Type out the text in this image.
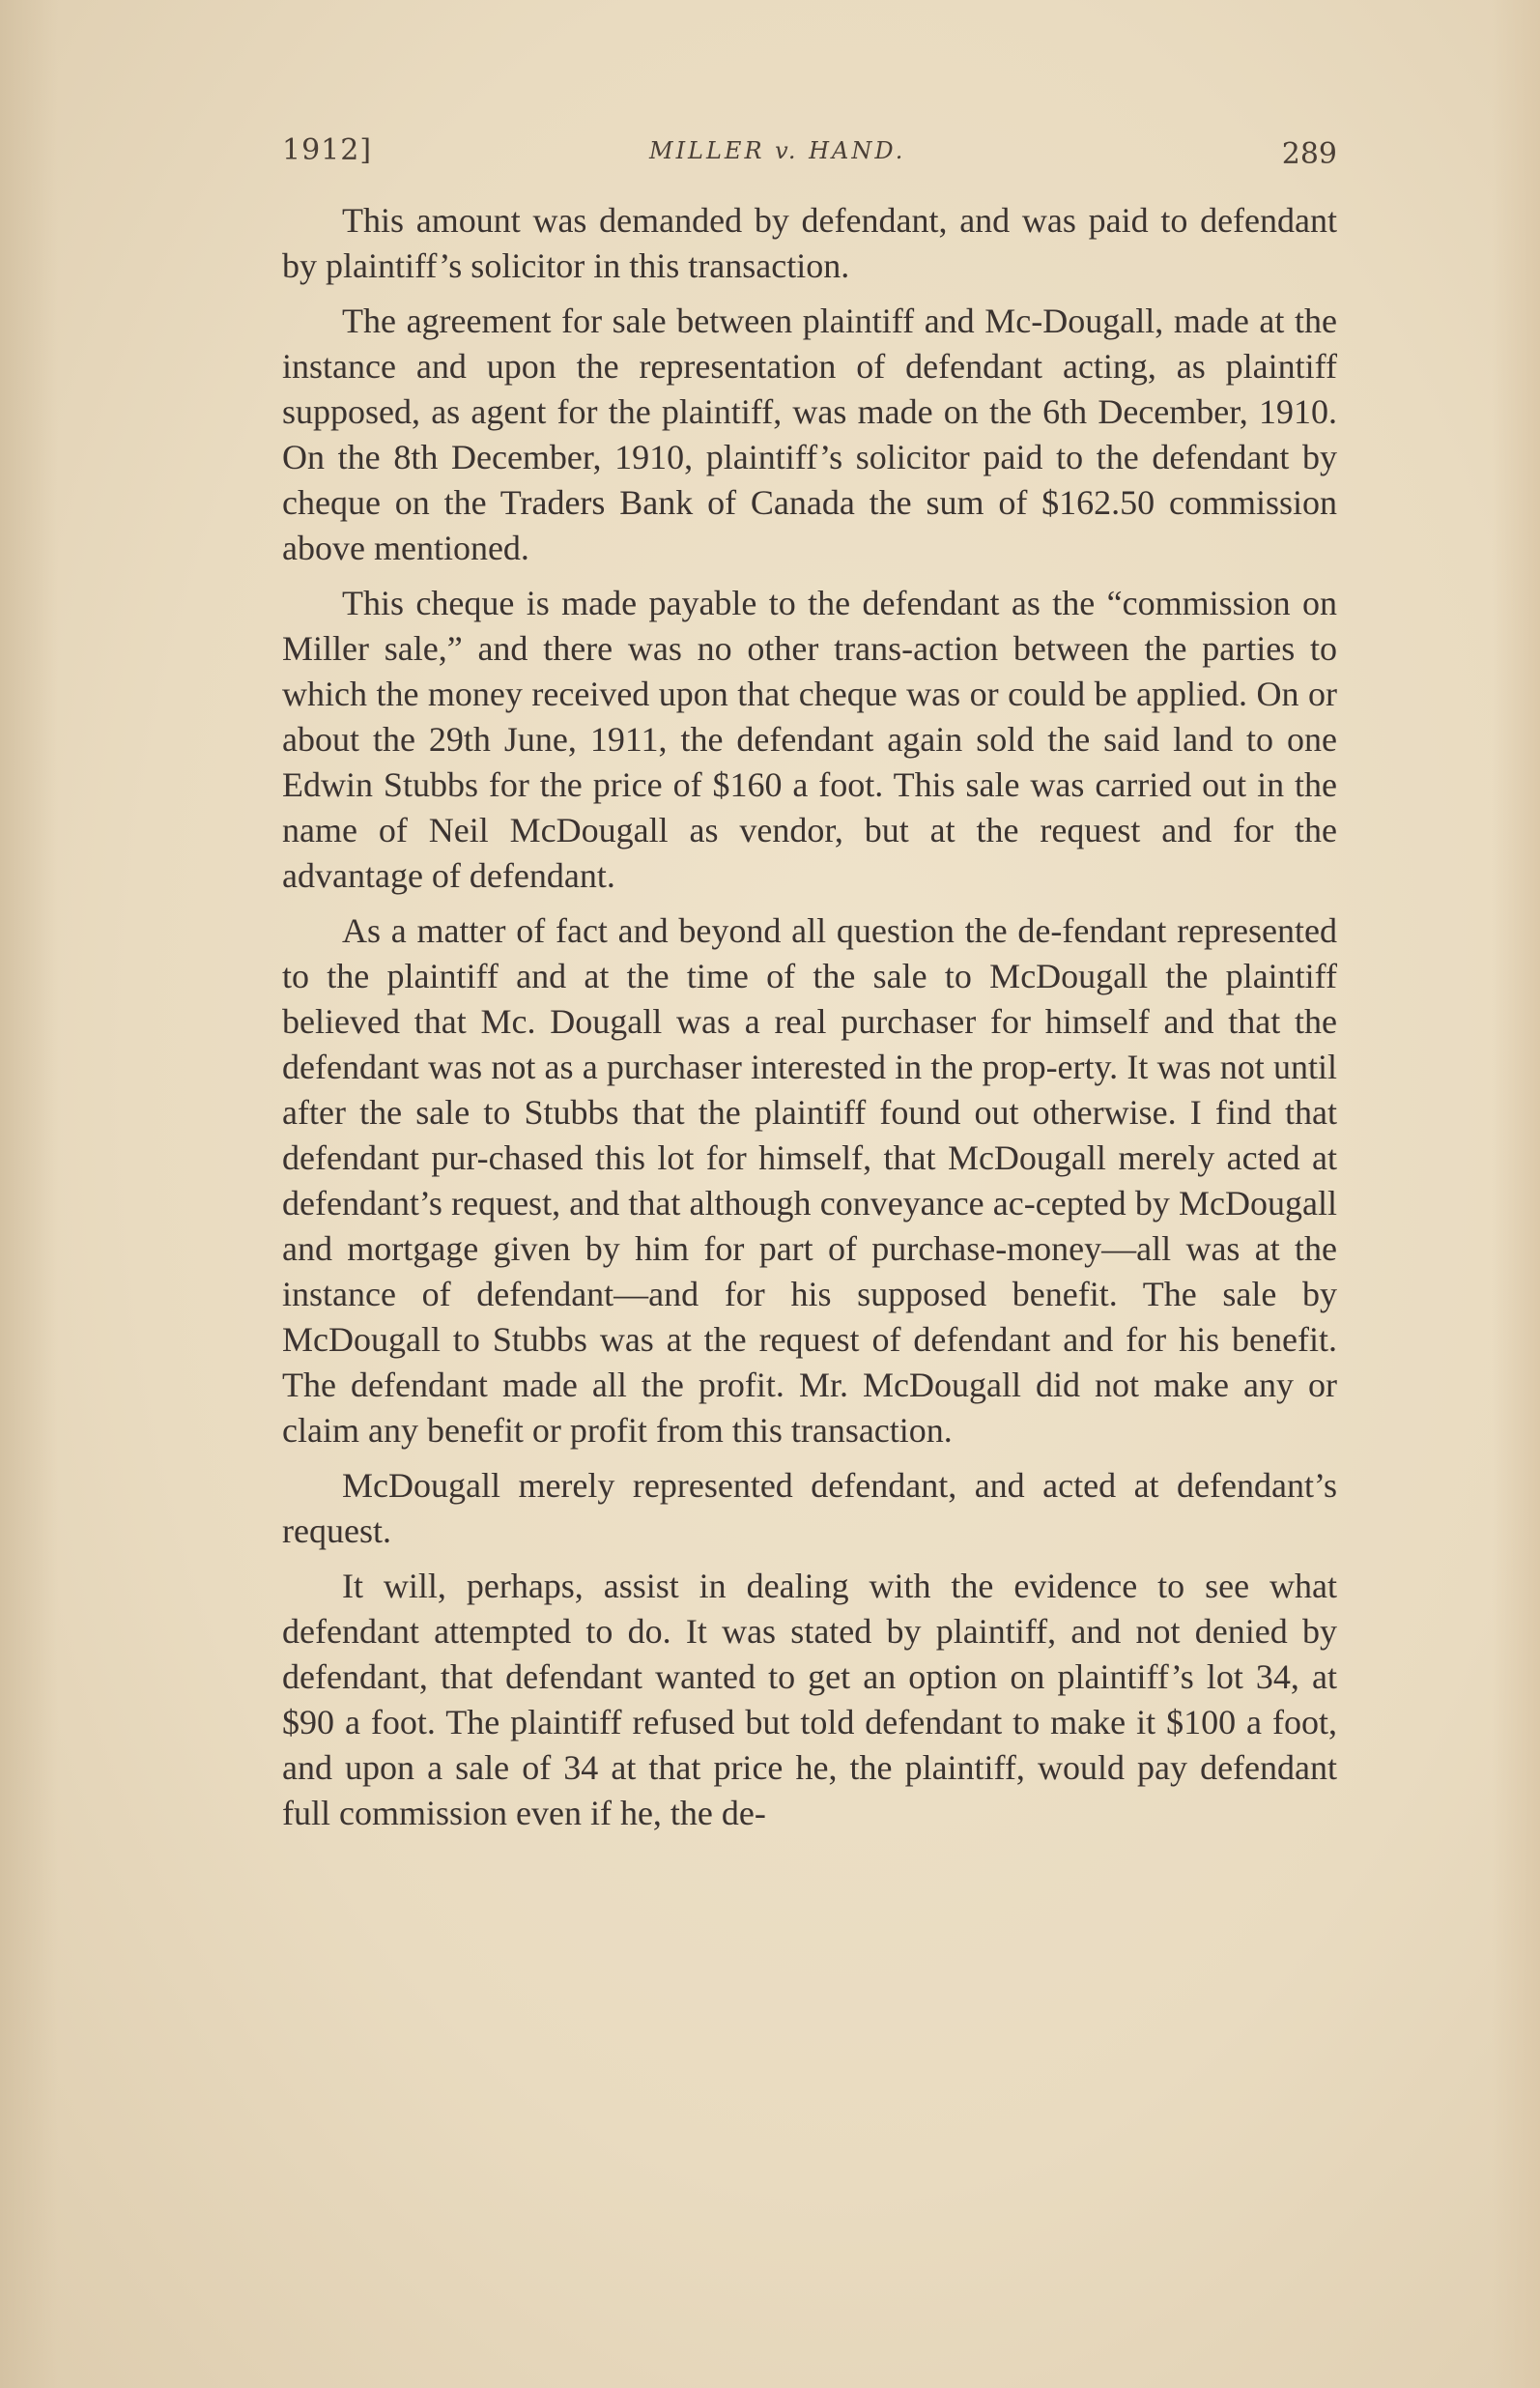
1912]	MILLER v. HAND.	289

This amount was demanded by defendant, and was paid to defendant by plaintiff’s solicitor in this transaction.

The agreement for sale between plaintiff and Mc-Dougall, made at the instance and upon the representation of defendant acting, as plaintiff supposed, as agent for the plaintiff, was made on the 6th December, 1910. On the 8th December, 1910, plaintiff’s solicitor paid to the defendant by cheque on the Traders Bank of Canada the sum of $162.50 commission above mentioned.

This cheque is made payable to the defendant as the “commission on Miller sale,” and there was no other trans-action between the parties to which the money received upon that cheque was or could be applied. On or about the 29th June, 1911, the defendant again sold the said land to one Edwin Stubbs for the price of $160 a foot. This sale was carried out in the name of Neil McDougall as vendor, but at the request and for the advantage of defendant.

As a matter of fact and beyond all question the de-fendant represented to the plaintiff and at the time of the sale to McDougall the plaintiff believed that Mc. Dougall was a real purchaser for himself and that the defendant was not as a purchaser interested in the prop-erty. It was not until after the sale to Stubbs that the plaintiff found out otherwise. I find that defendant pur-chased this lot for himself, that McDougall merely acted at defendant’s request, and that although conveyance ac-cepted by McDougall and mortgage given by him for part of purchase-money—all was at the instance of defendant—and for his supposed benefit. The sale by McDougall to Stubbs was at the request of defendant and for his benefit. The defendant made all the profit. Mr. McDougall did not make any or claim any benefit or profit from this transaction.

McDougall merely represented defendant, and acted at defendant’s request.

It will, perhaps, assist in dealing with the evidence to see what defendant attempted to do. It was stated by plaintiff, and not denied by defendant, that defendant wanted to get an option on plaintiff’s lot 34, at $90 a foot. The plaintiff refused but told defendant to make it $100 a foot, and upon a sale of 34 at that price he, the plaintiff, would pay defendant full commission even if he, the de-
